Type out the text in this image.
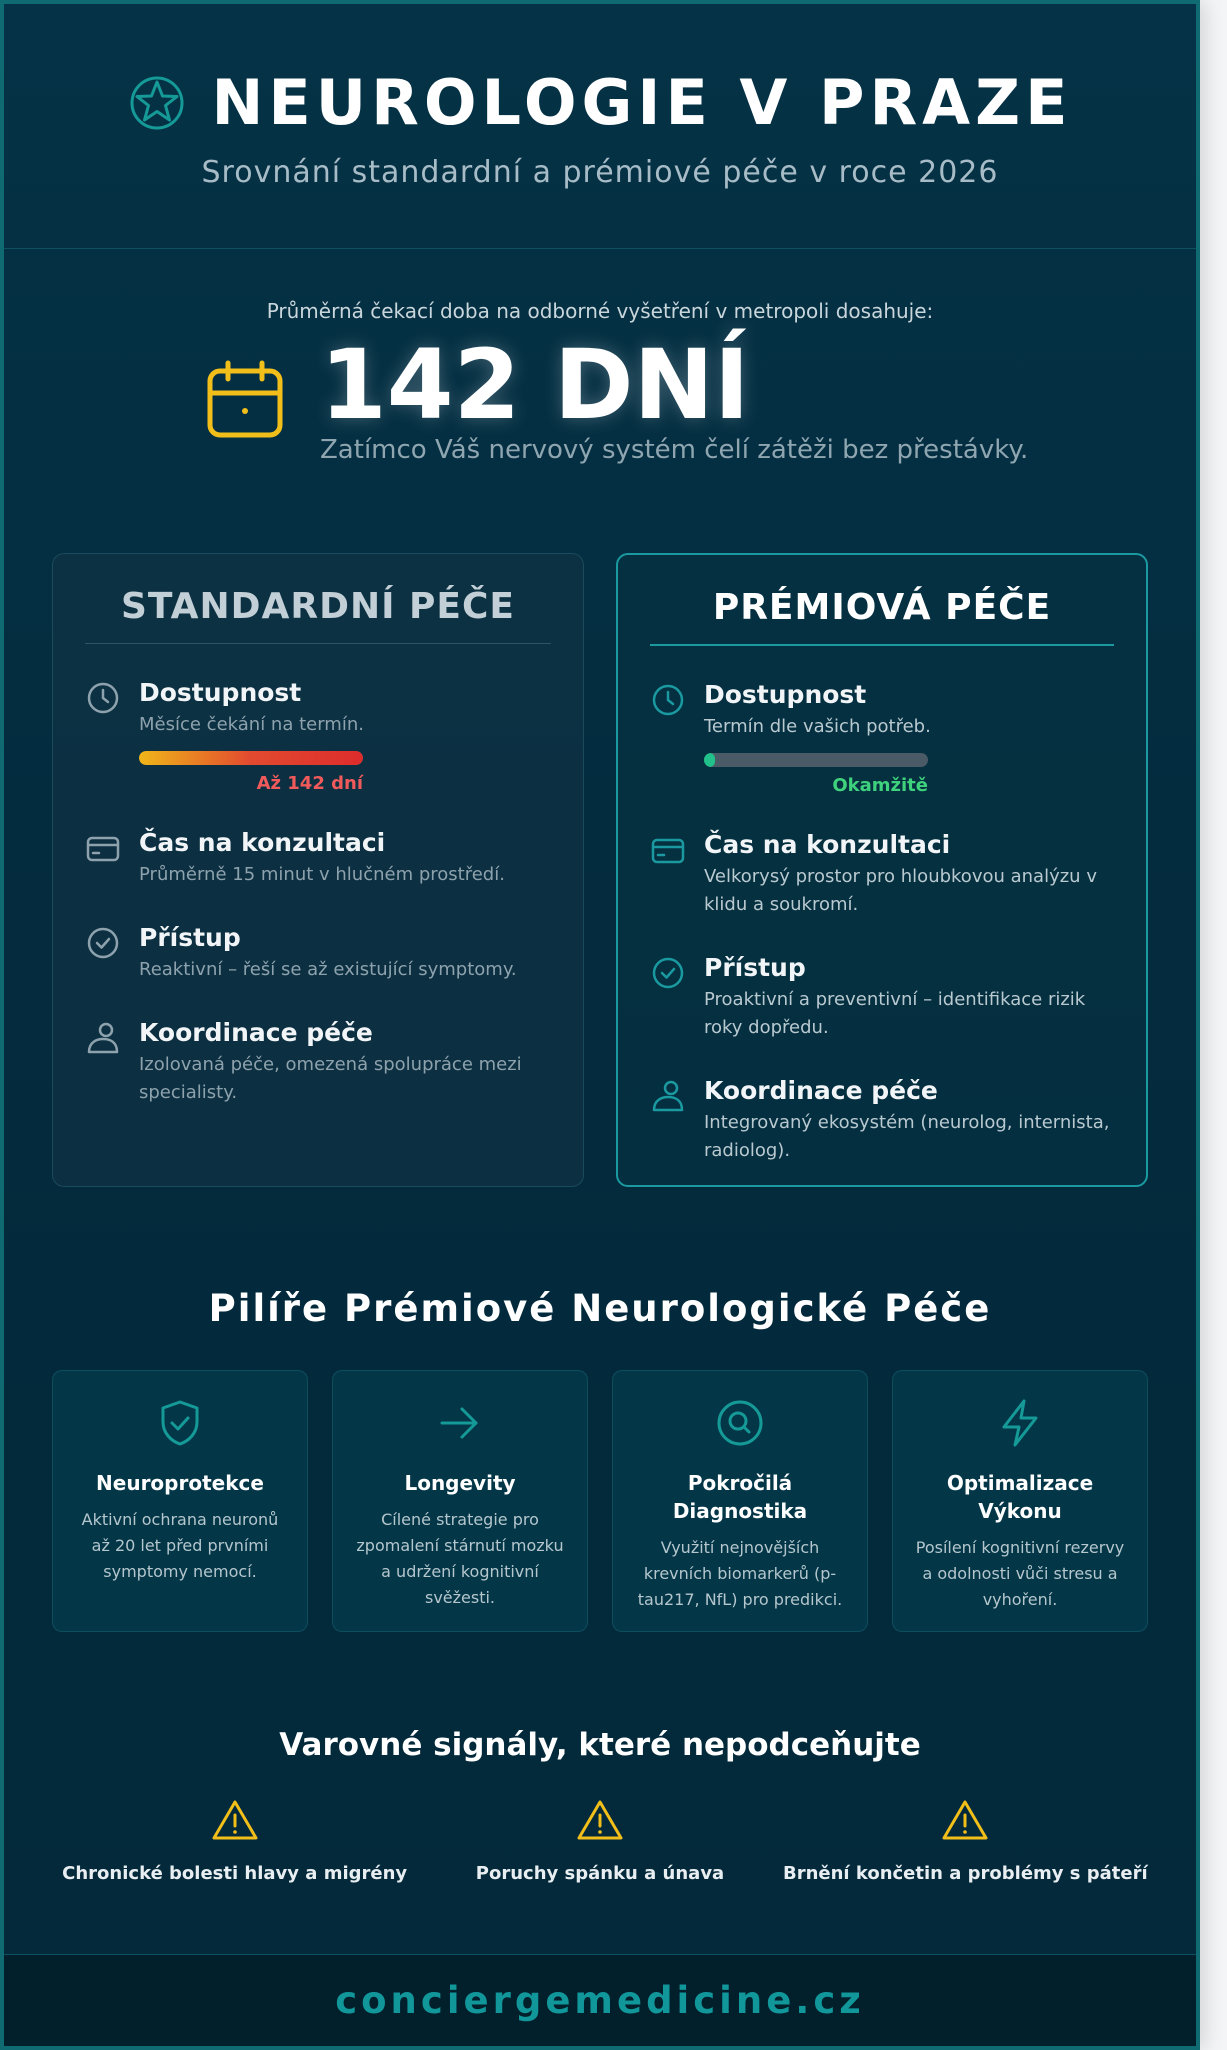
NEUROLOGIE V PRAZE
Srovnání standardní a prémiové péče v roce 2026
Průměrná čekací doba na odborné vyšetření v metropoli dosahuje:
142 DNÍ
Zatímco Váš nervový systém čelí zátěži bez přestávky.
STANDARDNÍ PÉČE
Dostupnost
Měsíce čekání na termín.
Až 142 dní
Čas na konzultaci
Průměrně 15 minut v hlučném prostředí.
Přístup
Reaktivní – řeší se až existující symptomy.
Koordinace péče
Izolovaná péče, omezená spolupráce mezi specialisty.
PRÉMIOVÁ PÉČE
Dostupnost
Termín dle vašich potřeb.
Okamžitě
Čas na konzultaci
Velkorysý prostor pro hloubkovou analýzu v klidu a soukromí.
Přístup
Proaktivní a preventivní – identifikace rizik roky dopředu.
Koordinace péče
Integrovaný ekosystém (neurolog, internista, radiolog).
Pilíře Prémiové Neurologické Péče
Neuroprotekce
Aktivní ochrana neuronů až 20 let před prvními symptomy nemocí.
Longevity
Cílené strategie pro zpomalení stárnutí mozku a udržení kognitivní svěžesti.
Pokročilá Diagnostika
Využití nejnovějších krevních biomarkerů (p-tau217, NfL) pro predikci.
Optimalizace Výkonu
Posílení kognitivní rezervy a odolnosti vůči stresu a vyhoření.
Varovné signály, které nepodceňujte
Chronické bolesti hlavy a migrény	Poruchy spánku a únava	Brnění končetin a problémy s páteří
conciergemedicine.cz
